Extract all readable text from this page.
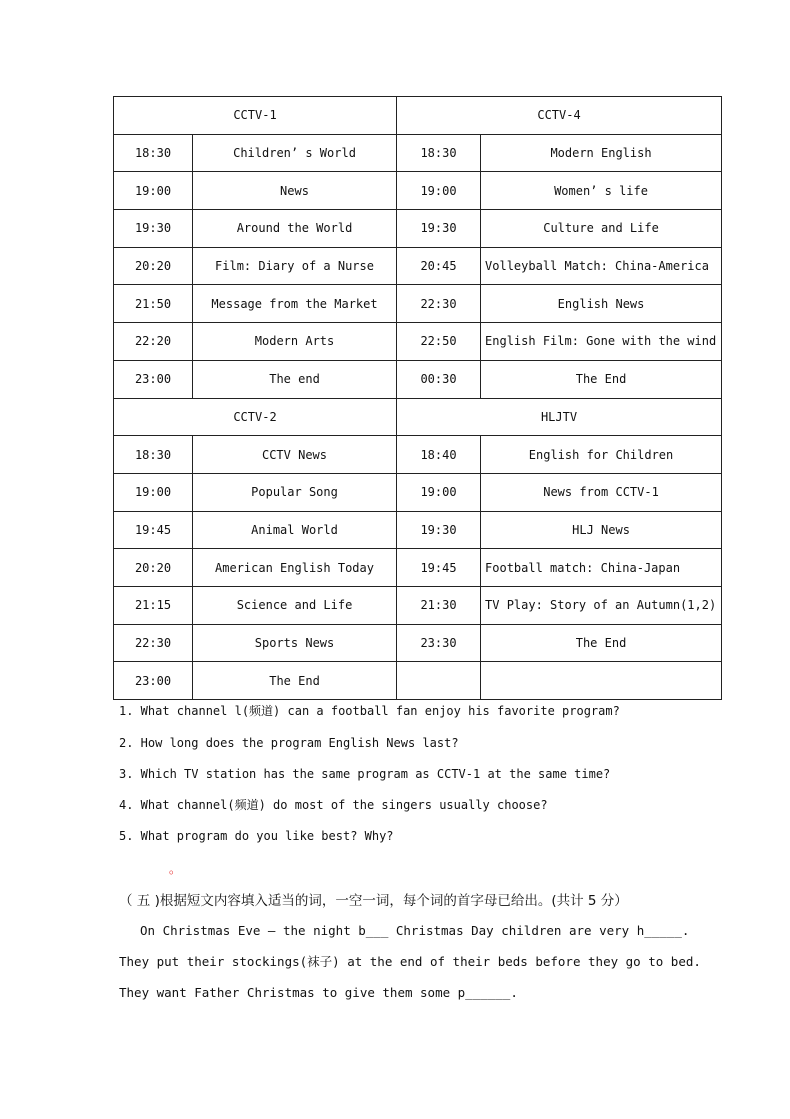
CCTV-1		CCTV-4	
18:30	Children’ s World	18:30	Modern English
19:00	News	19:00	Women’ s life
19:30	Around the World	19:30	Culture and Life
20:20	Film: Diary of a Nurse	20:45	Volleyball Match: China-America
21:50	Message from the Market	22:30	English News
22:20	Modern Arts	22:50	English Film: Gone with the wind
23:00	The end	00:30	The End
CCTV-2		HLJTV	
18:30	CCTV News	18:40	English for Children
19:00	Popular Song	19:00	News from CCTV-1
19:45	Animal World	19:30	HLJ News
20:20	American English Today	19:45	Football match: China-Japan
21:15	Science and Life	21:30	TV Play: Story of an Autumn(1,2)
22:30	Sports News	23:30	The End
23:00	The End		
1. What channel l(频道) can a football fan enjoy his favorite program?
2. How long does the program English News last?
3. Which TV station has the same program as CCTV-1 at the same time?
4. What channel(频道) do most of the singers usually choose?
5. What program do you like best? Why?
。
（ 五 )根据短文内容填入适当的词，一空一词，每个词的首字母已给出。(共计 5 分）
On Christmas Eve – the night b___ Christmas Day children are very h_____.
They put their stockings(袜子) at the end of their beds before they go to bed.
They want Father Christmas to give them some p______.
